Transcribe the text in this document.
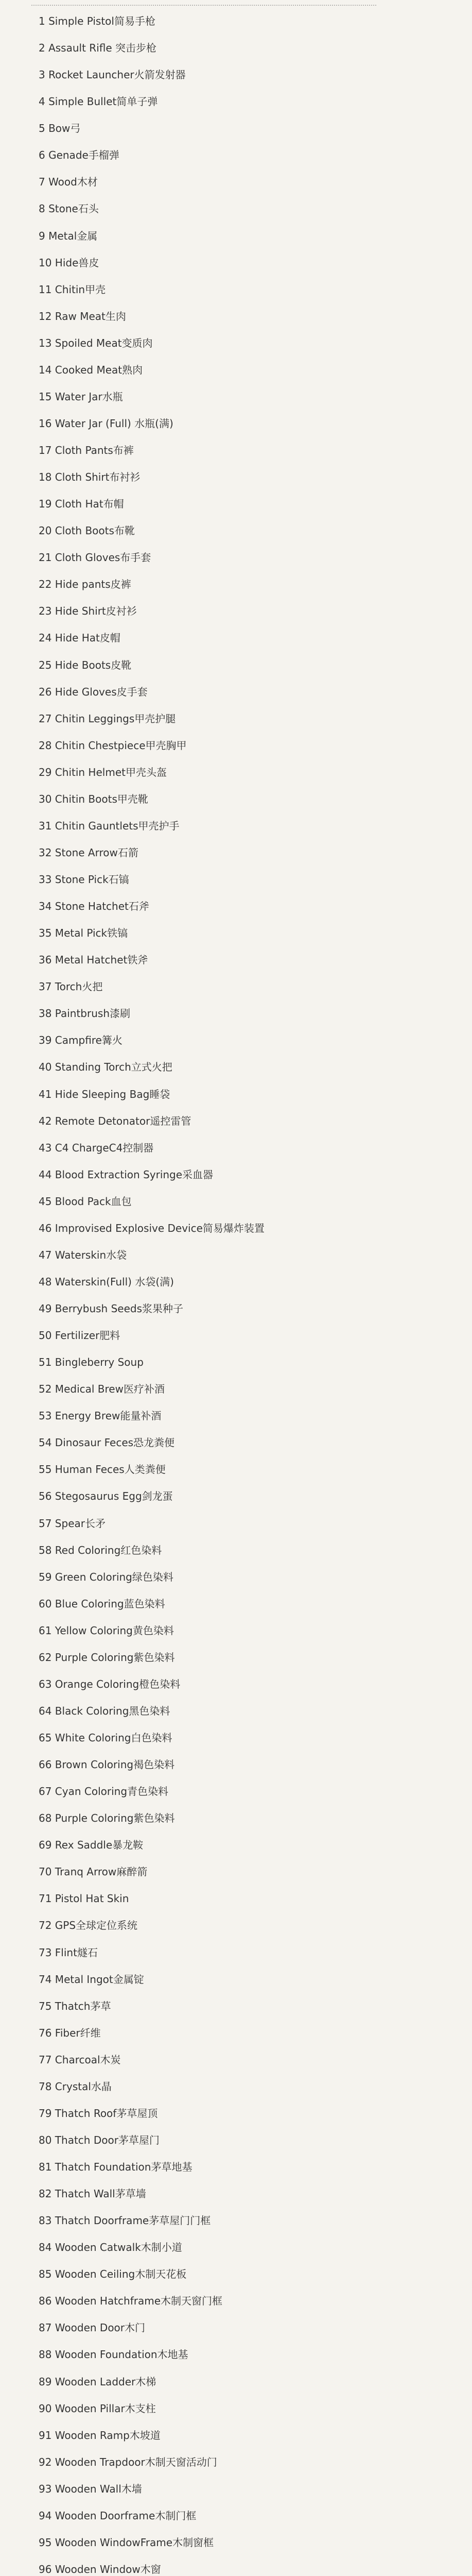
……………………………………………………………………………………………………………………………………………………
1 Simple Pistol简易手枪
2 Assault Rifle 突击步枪
3 Rocket Launcher火箭发射器
4 Simple Bullet简单子弹
5 Bow弓
6 Genade手榴弹
7 Wood木材
8 Stone石头
9 Metal金属
10 Hide兽皮
11 Chitin甲壳
12 Raw Meat生肉
13 Spoiled Meat变质肉
14 Cooked Meat熟肉
15 Water Jar水瓶
16 Water Jar (Full) 水瓶(满)
17 Cloth Pants布裤
18 Cloth Shirt布衬衫
19 Cloth Hat布帽
20 Cloth Boots布靴
21 Cloth Gloves布手套
22 Hide pants皮裤
23 Hide Shirt皮衬衫
24 Hide Hat皮帽
25 Hide Boots皮靴
26 Hide Gloves皮手套
27 Chitin Leggings甲壳护腿
28 Chitin Chestpiece甲壳胸甲
29 Chitin Helmet甲壳头盔
30 Chitin Boots甲壳靴
31 Chitin Gauntlets甲壳护手
32 Stone Arrow石箭
33 Stone Pick石镐
34 Stone Hatchet石斧
35 Metal Pick铁镐
36 Metal Hatchet铁斧
37 Torch火把
38 Paintbrush漆刷
39 Campfire篝火
40 Standing Torch立式火把
41 Hide Sleeping Bag睡袋
42 Remote Detonator遥控雷管
43 C4 ChargeC4控制器
44 Blood Extraction Syringe采血器
45 Blood Pack血包
46 Improvised Explosive Device简易爆炸装置
47 Waterskin水袋
48 Waterskin(Full) 水袋(满)
49 Berrybush Seeds浆果种子
50 Fertilizer肥料
51 Bingleberry Soup
52 Medical Brew医疗补酒
53 Energy Brew能量补酒
54 Dinosaur Feces恐龙粪便
55 Human Feces人类粪便
56 Stegosaurus Egg剑龙蛋
57 Spear长矛
58 Red Coloring红色染料
59 Green Coloring绿色染料
60 Blue Coloring蓝色染料
61 Yellow Coloring黄色染料
62 Purple Coloring紫色染料
63 Orange Coloring橙色染料
64 Black Coloring黑色染料
65 White Coloring白色染料
66 Brown Coloring褐色染料
67 Cyan Coloring青色染料
68 Purple Coloring紫色染料
69 Rex Saddle暴龙鞍
70 Tranq Arrow麻醉箭
71 Pistol Hat Skin
72 GPS全球定位系统
73 Flint燧石
74 Metal Ingot金属锭
75 Thatch茅草
76 Fiber纤维
77 Charcoal木炭
78 Crystal水晶
79 Thatch Roof茅草屋顶
80 Thatch Door茅草屋门
81 Thatch Foundation茅草地基
82 Thatch Wall茅草墙
83 Thatch Doorframe茅草屋门门框
84 Wooden Catwalk木制小道
85 Wooden Ceiling木制天花板
86 Wooden Hatchframe木制天窗门框
87 Wooden Door木门
88 Wooden Foundation木地基
89 Wooden Ladder木梯
90 Wooden Pillar木支柱
91 Wooden Ramp木坡道
92 Wooden Trapdoor木制天窗活动门
93 Wooden Wall木墙
94 Wooden Doorframe木制门框
95 Wooden WindowFrame木制窗框
96 Wooden Window木窗
